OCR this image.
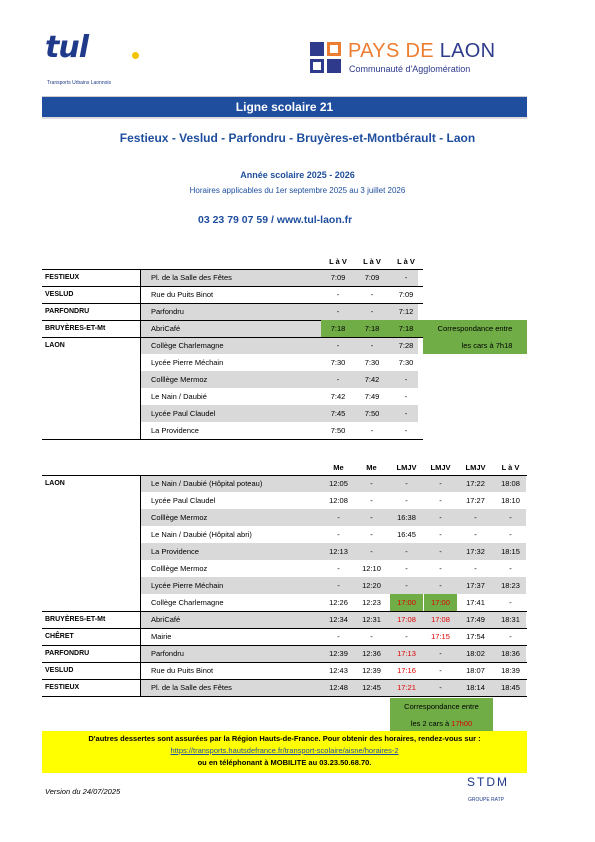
tul
Transports Urbains Laonnois
PAYS DE LAON
Communauté d'Agglomération
Ligne scolaire 21
Festieux - Veslud - Parfondru - Bruyères-et-Montbérault - Laon
Année scolaire 2025 - 2026
Horaires applicables du 1er septembre 2025 au 3 juillet 2026
03 23 79 07 59 / www.tul-laon.fr
L à V	L à V	L à V
FESTIEUX	Pl. de la Salle des Fêtes	7:09	7:09	-
VESLUD	Rue du Puits Binot	-	-	7:09
PARFONDRU	Parfondru	-	-	7:12
BRUYÈRES-ET-Mt	AbriCafé	7:18	7:18	7:18
LAON	Collège Charlemagne	-	-	7:28
Lycée Pierre Méchain	7:30	7:30	7:30
Colllège Mermoz	-	7:42	-
Le Nain / Daubié	7:42	7:49	-
Lycée Paul Claudel	7:45	7:50	-
La Providence	7:50	-	-
Correspondance entre
les cars à 7h18
Me	Me	LMJV	LMJV	LMJV	L à V
LAON	Le Nain / Daubié (Hôpital poteau)	12:05	-	-	-	17:22	18:08
Lycée Paul Claudel	12:08	-	-	-	17:27	18:10
Colllège Mermoz	-	-	16:38	-	-	-
Le Nain / Daubié (Hôpital abri)	-	-	16:45	-	-	-
La Providence	12:13	-	-	-	17:32	18:15
Colllège Mermoz	-	12:10	-	-	-	-
Lycée Pierre Méchain	-	12:20	-	-	17:37	18:23
Collège Charlemagne	12:26	12:23	17:00	17:00	17:41	-
BRUYÈRES-ET-Mt	AbriCafé	12:34	12:31	17:08	17:08	17:49	18:31
CHÊRET	Mairie	-	-	-	17:15	17:54	-
PARFONDRU	Parfondru	12:39	12:36	17:13	-	18:02	18:36
VESLUD	Rue du Puits Binot	12:43	12:39	17:16	-	18:07	18:39
FESTIEUX	Pl. de la Salle des Fêtes	12:48	12:45	17:21	-	18:14	18:45
Correspondance entre
les 2 cars à 17h00
D'autres dessertes sont assurées par la Région Hauts-de-France. Pour obtenir des horaires, rendez-vous sur :
https://transports.hautsdefrance.fr/transport-scolaire/aisne/horaires-2
ou en téléphonant à MOBILITE au 03.23.50.68.70.
Version du 24/07/2025
STDM
GROUPE RATP
